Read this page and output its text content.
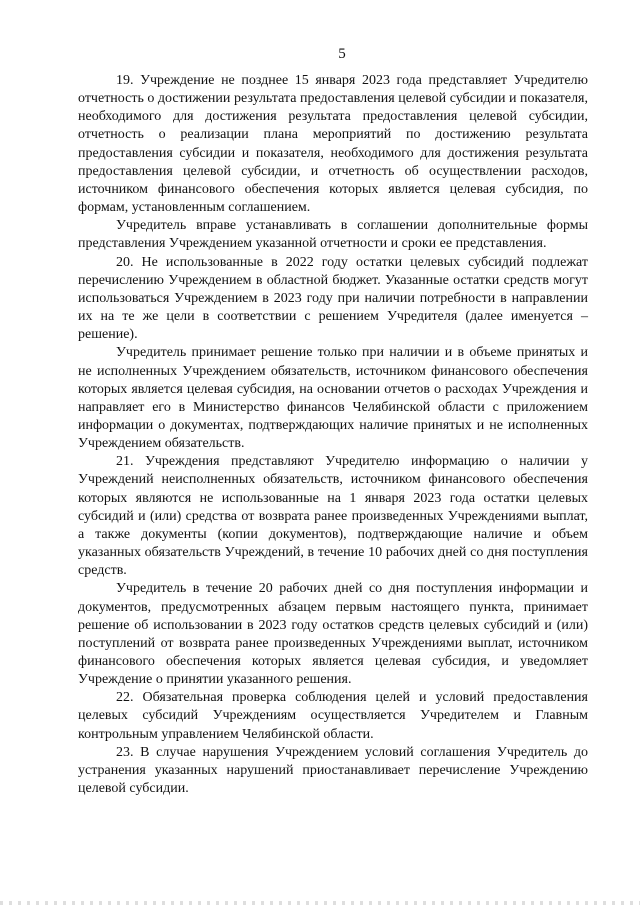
5

19. Учреждение не позднее 15 января 2023 года представляет Учредителю отчетность о достижении результата предоставления целевой субсидии и показателя, необходимого для достижения результата предоставления целевой субсидии, отчетность о реализации плана мероприятий по достижению результата предоставления субсидии и показателя, необходимого для достижения результата предоставления целевой субсидии, и отчетность об осуществлении расходов, источником финансового обеспечения которых является целевая субсидия, по формам, установленным соглашением.

Учредитель вправе устанавливать в соглашении дополнительные формы представления Учреждением указанной отчетности и сроки ее представления.

20. Не использованные в 2022 году остатки целевых субсидий подлежат перечислению Учреждением в областной бюджет. Указанные остатки средств могут использоваться Учреждением в 2023 году при наличии потребности в направлении их на те же цели в соответствии с решением Учредителя (далее именуется – решение).

Учредитель принимает решение только при наличии и в объеме принятых и не исполненных Учреждением обязательств, источником финансового обеспечения которых является целевая субсидия, на основании отчетов о расходах Учреждения и направляет его в Министерство финансов Челябинской области с приложением информации о документах, подтверждающих наличие принятых и не исполненных Учреждением обязательств.

21. Учреждения представляют Учредителю информацию о наличии у Учреждений неисполненных обязательств, источником финансового обеспечения которых являются не использованные на 1 января 2023 года остатки целевых субсидий и (или) средства от возврата ранее произведенных Учреждениями выплат, а также документы (копии документов), подтверждающие наличие и объем указанных обязательств Учреждений, в течение 10 рабочих дней со дня поступления средств.

Учредитель в течение 20 рабочих дней со дня поступления информации и документов, предусмотренных абзацем первым настоящего пункта, принимает решение об использовании в 2023 году остатков средств целевых субсидий и (или) поступлений от возврата ранее произведенных Учреждениями выплат, источником финансового обеспечения которых является целевая субсидия, и уведомляет Учреждение о принятии указанного решения.

22. Обязательная проверка соблюдения целей и условий предоставления целевых субсидий Учреждениям осуществляется Учредителем и Главным контрольным управлением Челябинской области.

23. В случае нарушения Учреждением условий соглашения Учредитель до устранения указанных нарушений приостанавливает перечисление Учреждению целевой субсидии.
